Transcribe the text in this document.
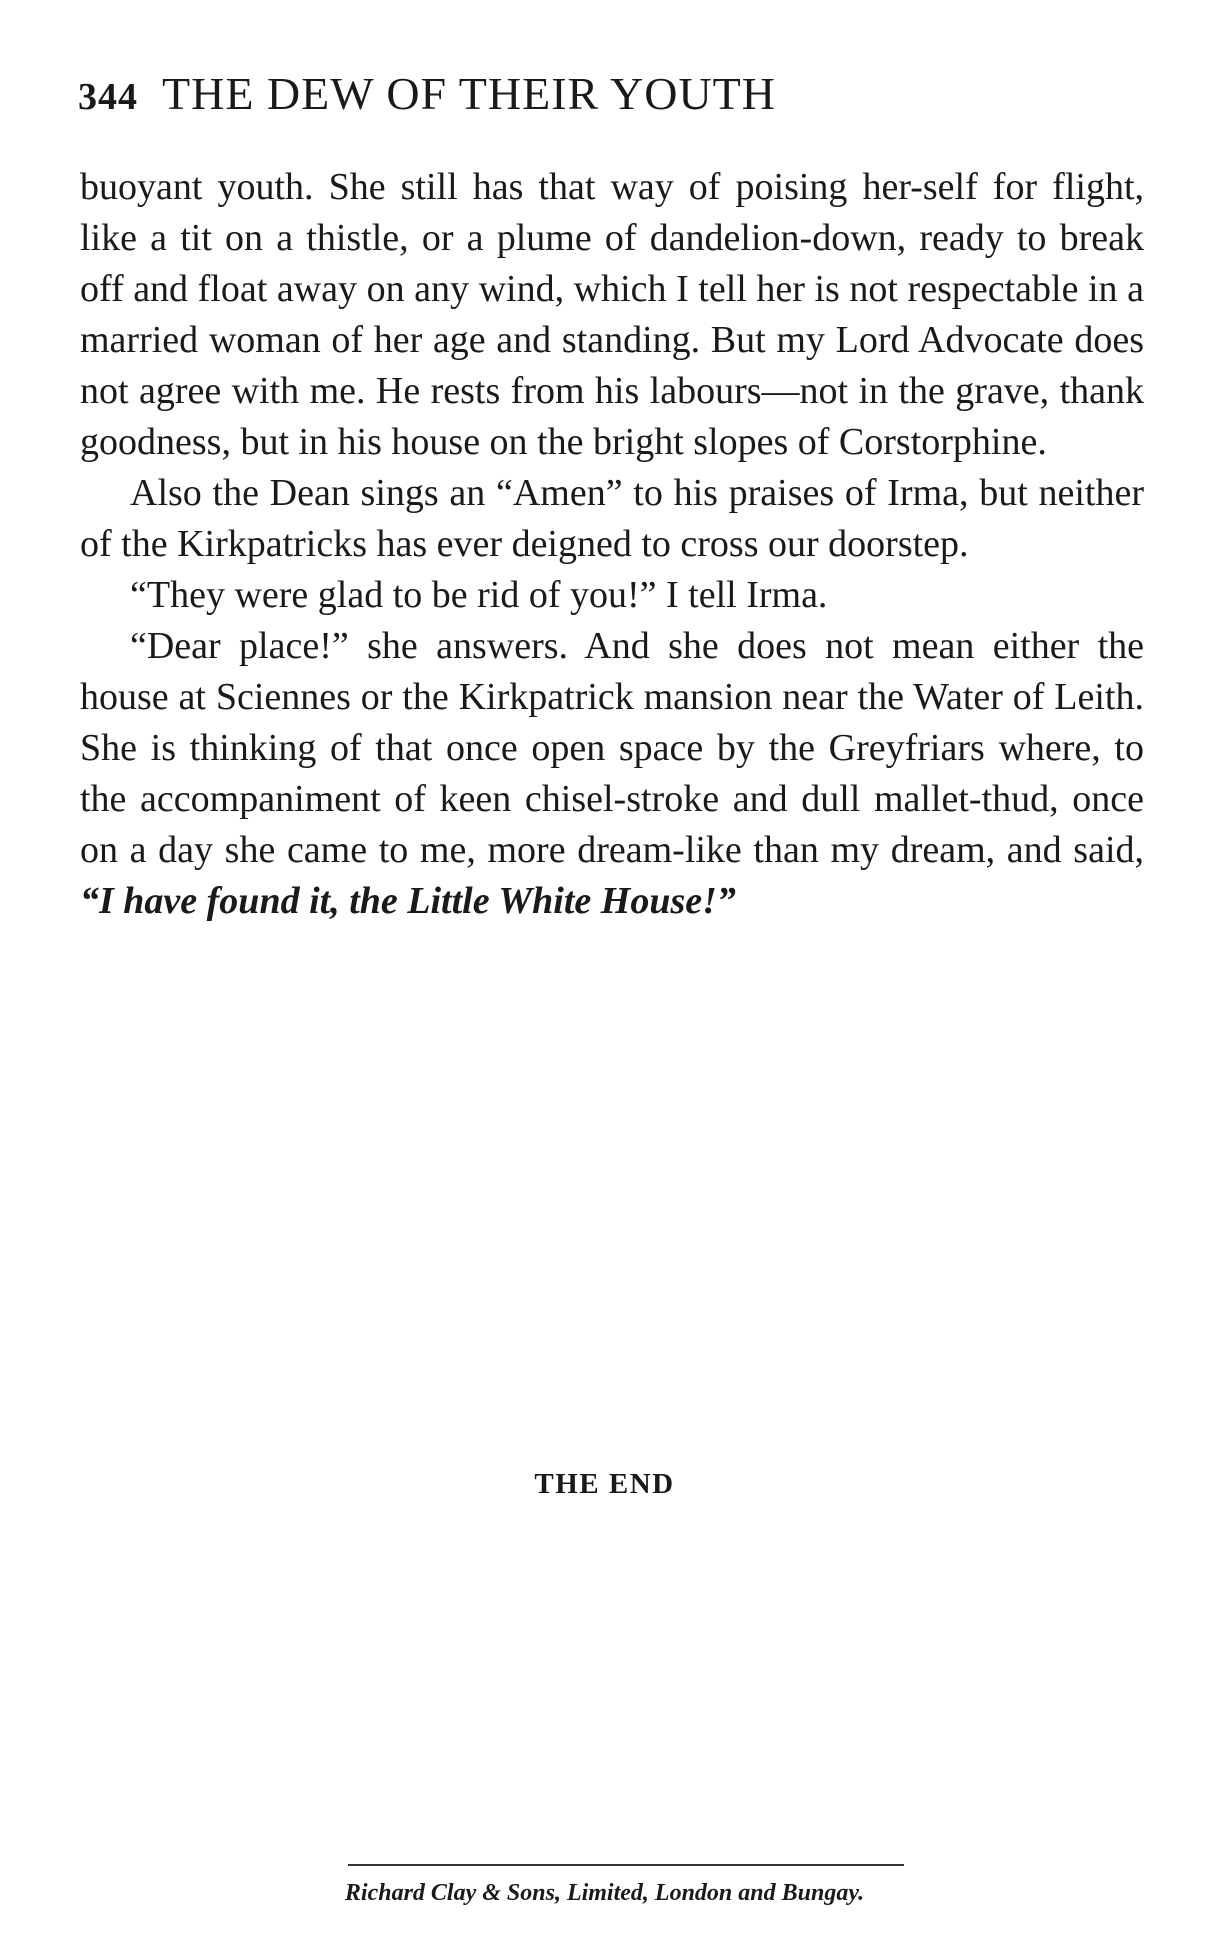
344 THE DEW OF THEIR YOUTH

buoyant youth. She still has that way of poising her-self for flight, like a tit on a thistle, or a plume of dandelion-down, ready to break off and float away on any wind, which I tell her is not respectable in a married woman of her age and standing. But my Lord Advocate does not agree with me. He rests from his labours—not in the grave, thank goodness, but in his house on the bright slopes of Corstorphine.

Also the Dean sings an “Amen” to his praises of Irma, but neither of the Kirkpatricks has ever deigned to cross our doorstep.

“They were glad to be rid of you!” I tell Irma.

“Dear place!” she answers. And she does not mean either the house at Sciennes or the Kirkpatrick mansion near the Water of Leith. She is thinking of that once open space by the Greyfriars where, to the accompaniment of keen chisel-stroke and dull mallet-thud, once on a day she came to me, more dream-like than my dream, and said, “I have found it, the Little White House!”

THE END
Richard Clay & Sons, Limited, London and Bungay.
